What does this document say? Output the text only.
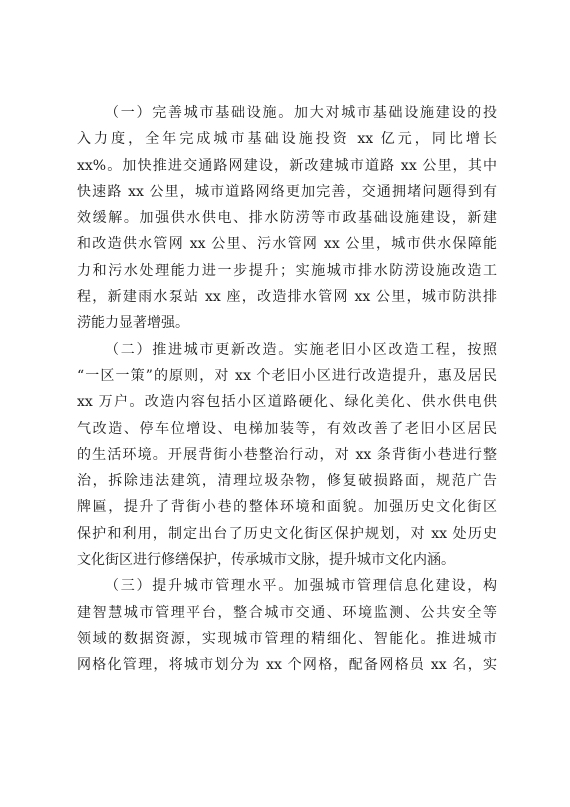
（一）完善城市基础设施。加大对城市基础设施建设的投
入力度，全年完成城市基础设施投资 xx 亿元，同比增长
xx%。加快推进交通路网建设，新改建城市道路 xx 公里，其中
快速路 xx 公里，城市道路网络更加完善，交通拥堵问题得到有
效缓解。加强供水供电、排水防涝等市政基础设施建设，新建
和改造供水管网 xx 公里、污水管网 xx 公里，城市供水保障能
力和污水处理能力进一步提升；实施城市排水防涝设施改造工
程，新建雨水泵站 xx 座，改造排水管网 xx 公里，城市防洪排
涝能力显著增强。
（二）推进城市更新改造。实施老旧小区改造工程，按照
“一区一策”的原则，对 xx 个老旧小区进行改造提升，惠及居民
xx 万户。改造内容包括小区道路硬化、绿化美化、供水供电供
气改造、停车位增设、电梯加装等，有效改善了老旧小区居民
的生活环境。开展背街小巷整治行动，对 xx 条背街小巷进行整
治，拆除违法建筑，清理垃圾杂物，修复破损路面，规范广告
牌匾，提升了背街小巷的整体环境和面貌。加强历史文化街区
保护和利用，制定出台了历史文化街区保护规划，对 xx 处历史
文化街区进行修缮保护，传承城市文脉，提升城市文化内涵。
（三）提升城市管理水平。加强城市管理信息化建设，构
建智慧城市管理平台，整合城市交通、环境监测、公共安全等
领域的数据资源，实现城市管理的精细化、智能化。推进城市
网格化管理，将城市划分为 xx 个网格，配备网格员 xx 名，实
